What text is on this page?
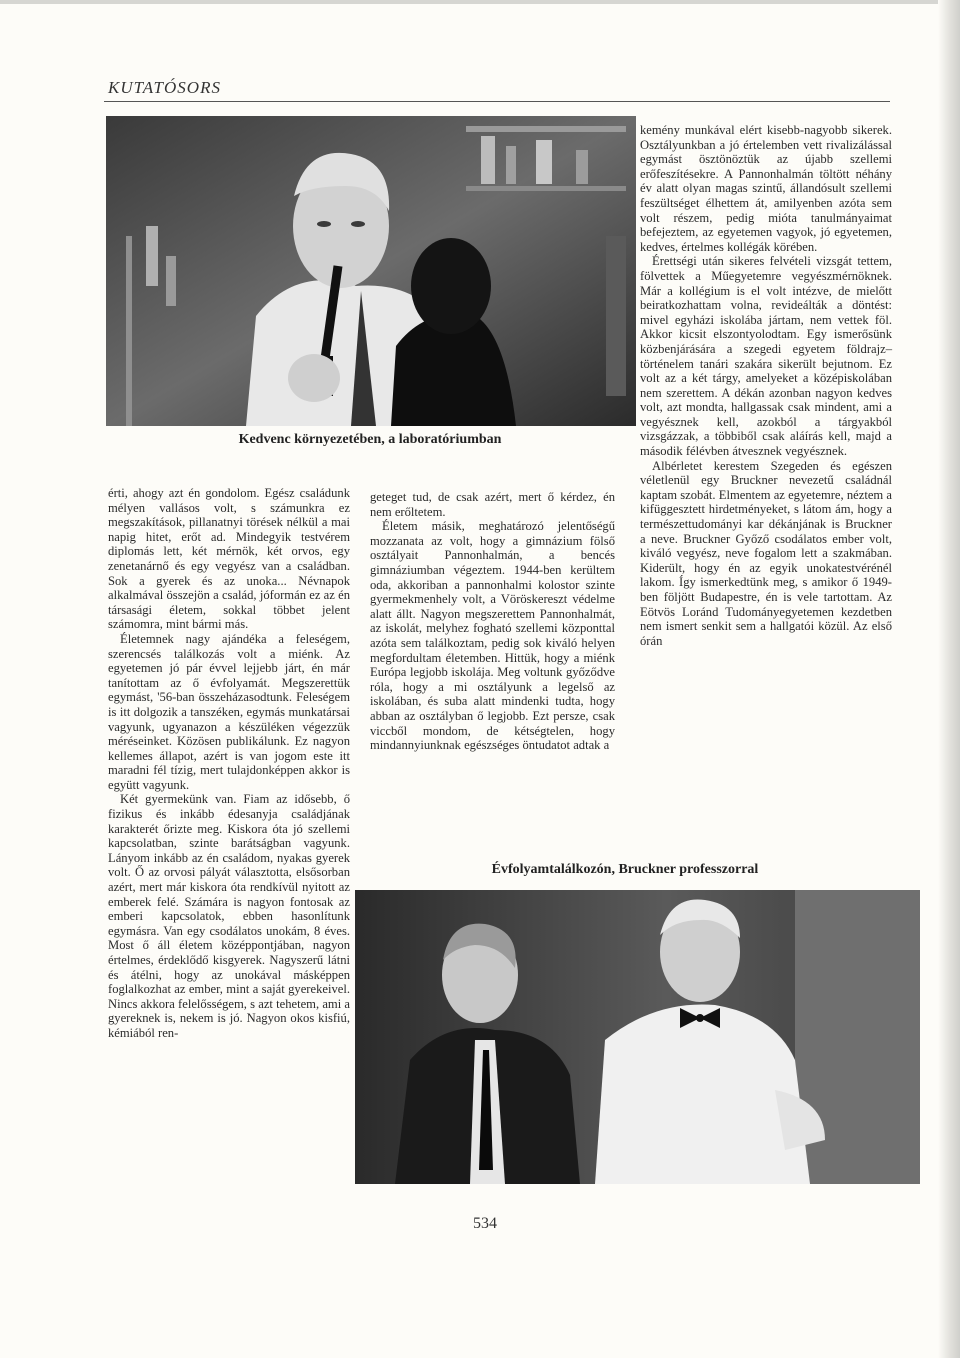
KUTATÓSORS
Kedvenc környezetében, a laboratóriumban

kemény munkával elért kisebb-nagyobb sikerek. Osztályunkban a jó értelemben vett rivalizálással egymást ösztönöztük az újabb szellemi erőfeszítésekre. A Pannonhalmán töltött néhány év alatt olyan magas szintű, állandósult szellemi feszültséget élhettem át, amilyenben azóta sem volt részem, pedig mióta tanulmányaimat befejeztem, az egyetemen vagyok, jó egyetemen, kedves, értelmes kollégák körében.

Érettségi után sikeres felvételi vizsgát tettem, fölvettek a Műegyetemre vegyészmérnöknek. Már a kollégium is el volt intézve, de mielőtt beiratkozhattam volna, revideálták a döntést: mivel egyházi iskolába jártam, nem vettek föl. Akkor kicsit elszontyolodtam. Egy ismerősünk közbenjárására a szegedi egyetem földrajz–történelem tanári szakára sikerült bejutnom. Ez volt az a két tárgy, amelyeket a középiskolában nem szerettem. A dékán azonban nagyon kedves volt, azt mondta, hallgassak csak mindent, ami a vegyésznek kell, azokból a tárgyakból vizsgázzak, a többiből csak aláírás kell, majd a második félévben átvesznek vegyésznek.

Albérletet kerestem Szegeden és egészen véletlenül egy Bruckner nevezetű családnál kaptam szobát. Elmentem az egyetemre, néztem a kifüggesztett hirdetményeket, s látom ám, hogy a természettudományi kar dékánjának is Bruckner a neve. Bruckner Győző csodálatos ember volt, kiváló vegyész, neve fogalom lett a szakmában. Kiderült, hogy én az egyik unokatestvérénél lakom. Így ismerkedtünk meg, s amikor ő 1949-ben följött Budapestre, én is vele tartottam. Az Eötvös Loránd Tudományegyetemen kezdetben nem ismert senkit sem a hallgatói közül. Az első órán

érti, ahogy azt én gondolom. Egész családunk mélyen vallásos volt, s számunkra ez megszakítások, pillanatnyi törések nélkül a mai napig hitet, erőt ad. Mindegyik testvérem diplomás lett, két mérnök, két orvos, egy zenetanárnő és egy vegyész van a családban. Sok a gyerek és az unoka... Névnapok alkalmával összejön a család, jóformán ez az én társasági életem, sokkal többet jelent számomra, mint bármi más.

Életemnek nagy ajándéka a feleségem, szerencsés találkozás volt a miénk. Az egyetemen jó pár évvel lejjebb járt, én már tanítottam az ő évfolyamát. Megszerettük egymást, '56-ban összeházasodtunk. Feleségem is itt dolgozik a tanszéken, egymás munkatársai vagyunk, ugyanazon a készüléken végezzük méréseinket. Közösen publikálunk. Ez nagyon kellemes állapot, azért is van jogom este itt maradni fél tízig, mert tulajdonképpen akkor is együtt vagyunk.

Két gyermekünk van. Fiam az idősebb, ő fizikus és inkább édesanyja családjának karakterét őrizte meg. Kiskora óta jó szellemi kapcsolatban, szinte barátságban vagyunk. Lányom inkább az én családom, nyakas gyerek volt. Ő az orvosi pályát választotta, elsősorban azért, mert már kiskora óta rendkívül nyitott az emberek felé. Számára is nagyon fontosak az emberi kapcsolatok, ebben hasonlítunk egymásra. Van egy csodálatos unokám, 8 éves. Most ő áll életem középpontjában, nagyon értelmes, érdeklődő kisgyerek. Nagyszerű látni és átélni, hogy az unokával másképpen foglalkozhat az ember, mint a saját gyerekeivel. Nincs akkora felelősségem, s azt tehetem, ami a gyereknek is, nekem is jó. Nagyon okos kisfiú, kémiából ren-

geteget tud, de csak azért, mert ő kérdez, én nem erőltetem.

Életem másik, meghatározó jelentőségű mozzanata az volt, hogy a gimnázium fölső osztályait Pannonhalmán, a bencés gimnáziumban végeztem. 1944-ben kerültem oda, akkoriban a pannonhalmi kolostor szinte gyermekmenhely volt, a Vöröskereszt védelme alatt állt. Nagyon megszerettem Pannonhalmát, az iskolát, melyhez fogható szellemi központtal azóta sem találkoztam, pedig sok kiváló helyen megfordultam életemben. Hittük, hogy a miénk Európa legjobb iskolája. Meg voltunk győződve róla, hogy a mi osztályunk a legelső az iskolában, és suba alatt mindenki tudta, hogy abban az osztályban ő legjobb. Ezt persze, csak viccből mondom, de kétségtelen, hogy mindannyiunknak egészséges öntudatot adtak a

Évfolyamtalálkozón, Bruckner professzorral
534
